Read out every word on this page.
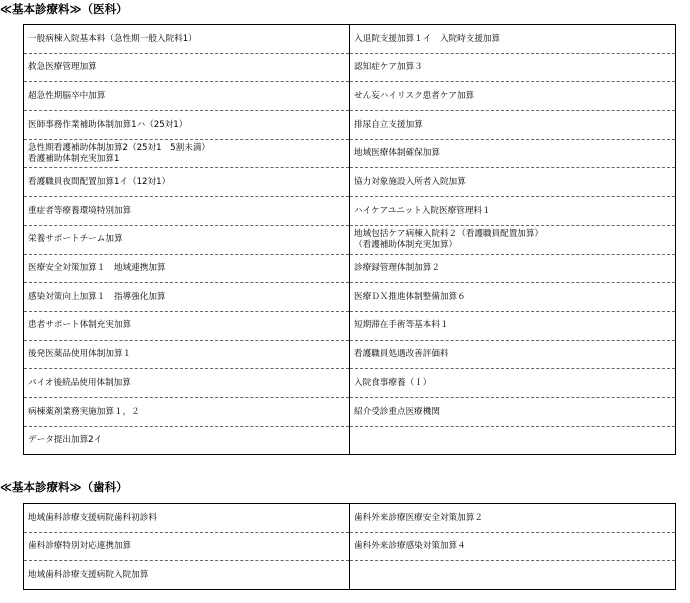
≪基本診療料≫（医科）
一般病棟入院基本料（急性期一般入院料1）	入退院支援加算１イ　入院時支援加算

救急医療管理加算	認知症ケア加算３

超急性期脳卒中加算	せん妄ハイリスク患者ケア加算

医師事務作業補助体制加算1ハ（25対1）	排尿自立支援加算

急性期看護補助体制加算2（25対1　5割未満）
看護補助体制充実加算1	地域医療体制確保加算

看護職員夜間配置加算1イ（12対1）	協力対象施設入所者入院加算

重症者等療養環境特別加算	ハイケアユニット入院医療管理料１

栄養サポートチーム加算	地域包括ケア病棟入院料２（看護職員配置加算）
（看護補助体制充実加算）

医療安全対策加算１　地域連携加算	診療録管理体制加算２

感染対策向上加算１　指導強化加算	医療ＤＸ推進体制整備加算６

患者サポート体制充実加算	短期滞在手術等基本料１

後発医薬品使用体制加算１	看護職員処遇改善評価料

バイオ後続品使用体制加算	入院食事療養（Ｉ）

病棟薬剤業務実施加算１，２	紹介受診重点医療機関

データ提出加算2イ	

≪基本診療料≫（歯科）
地域歯科診療支援病院歯科初診料	歯科外来診療医療安全対策加算２

歯科診療特別対応連携加算	歯科外来診療感染対策加算４

地域歯科診療支援病院入院加算	
